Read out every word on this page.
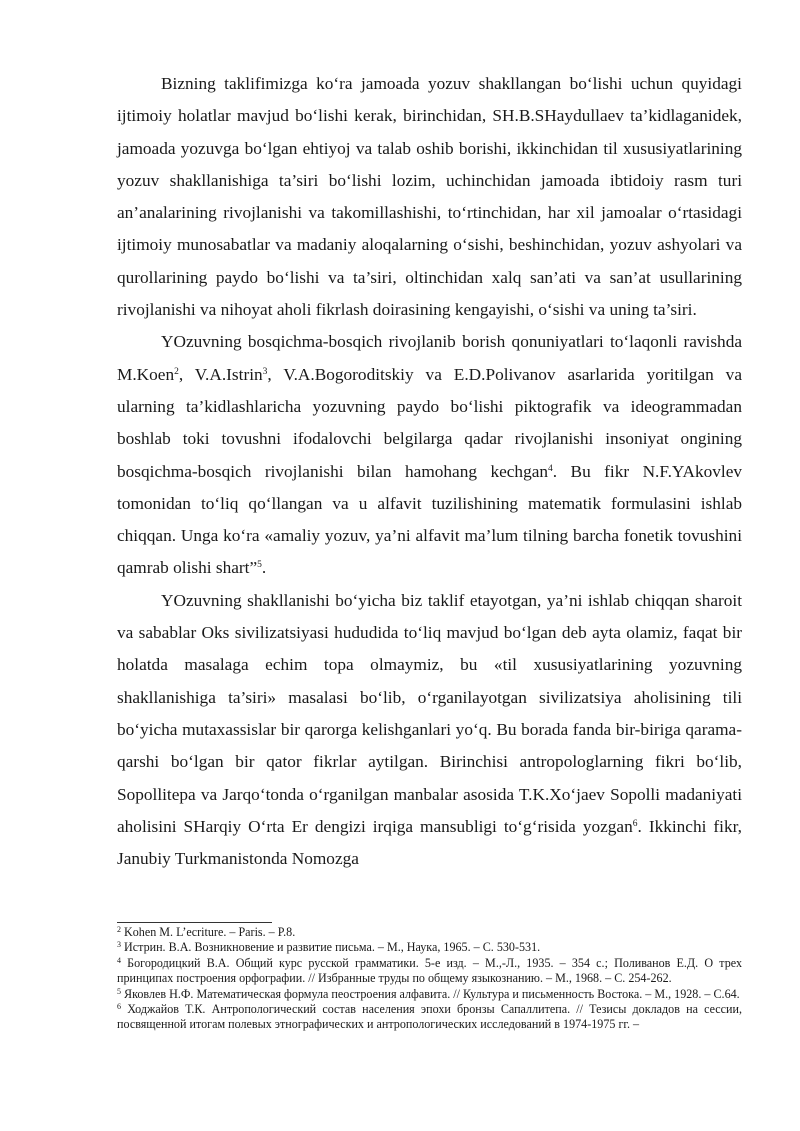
Bizning taklifimizga ko‘ra jamoada yozuv shakllangan bo‘lishi uchun quyidagi ijtimoiy holatlar mavjud bo‘lishi kerak, birinchidan, SH.B.SHaydullaev ta’kidlaganidek, jamoada yozuvga bo‘lgan ehtiyoj va talab oshib borishi, ikkinchidan til xususiyatlarining yozuv shakllanishiga ta’siri bo‘lishi lozim, uchinchidan jamoada ibtidoiy rasm turi an’analarining rivojlanishi va takomillashishi, to‘rtinchidan, har xil jamoalar o‘rtasidagi ijtimoiy munosabatlar va madaniy aloqalarning o‘sishi, beshinchidan, yozuv ashyolari va qurollarining paydo bo‘lishi va ta’siri, oltinchidan xalq san’ati va san’at usullarining rivojlanishi va nihoyat aholi fikrlash doirasining kengayishi, o‘sishi va uning ta’siri.

YOzuvning bosqichma-bosqich rivojlanib borish qonuniyatlari to‘laqonli ravishda M.Koen$^2$, V.A.Istrin$^3$, V.A.Bogoroditskiy va E.D.Polivanov asarlarida yoritilgan va ularning ta’kidlashlaricha yozuvning paydo bo‘lishi piktografik va ideogrammadan boshlab toki tovushni ifodalovchi belgilarga qadar rivojlanishi insoniyat ongining bosqichma-bosqich rivojlanishi bilan hamohang kechgan$^4$. Bu fikr N.F.YAkovlev tomonidan to‘liq qo‘llangan va u alfavit tuzilishining matematik formulasini ishlab chiqqan. Unga ko‘ra «amaliy yozuv, ya’ni alfavit ma’lum tilning barcha fonetik tovushini qamrab olishi shart”$^5$.

YOzuvning shakllanishi bo‘yicha biz taklif etayotgan, ya’ni ishlab chiqqan sharoit va sabablar Oks sivilizatsiyasi hududida to‘liq mavjud bo‘lgan deb ayta olamiz, faqat bir holatda masalaga echim topa olmaymiz, bu «til xususiyatlarining yozuvning shakllanishiga ta’siri» masalasi bo‘lib, o‘rganilayotgan sivilizatsiya aholisining tili bo‘yicha mutaxassislar bir qarorga kelishganlari yo‘q. Bu borada fanda bir-biriga qarama-qarshi bo‘lgan bir qator fikrlar aytilgan. Birinchisi antropologlarning fikri bo‘lib, Sopollitepa va Jarqo‘tonda o‘rganilgan manbalar asosida T.K.Xo‘jaev Sopolli madaniyati aholisini SHarqiy O‘rta Er dengizi irqiga mansubligi to‘g‘risida yozgan$^6$. Ikkinchi fikr, Janubiy Turkmanistonda Nomozga

$^2$ Kohen M. L’ecriture. – Paris. – P.8.

$^3$ Истрин. В.А. Возникновение и развитие письма. – М., Наука, 1965. – С. 530-531.

$^4$ Богородицкий В.А. Общий курс русской грамматики. 5-е изд. – М.,-Л., 1935. – 354 с.; Поливанов Е.Д. О трех принципах построения орфографии. // Избранные труды по общему языкознанию. – М., 1968. – С. 254-262.

$^5$ Яковлев Н.Ф. Математическая формула пеостроения алфавита. // Культура и письменность Востока. – М., 1928. – С.64.

$^6$ Ходжайов Т.К. Антропологический состав населения эпохи бронзы Сапаллитепа. // Тезисы докладов на сессии, посвященной итогам полевых этнографических и антропологических исследований в 1974-1975 гг. –
